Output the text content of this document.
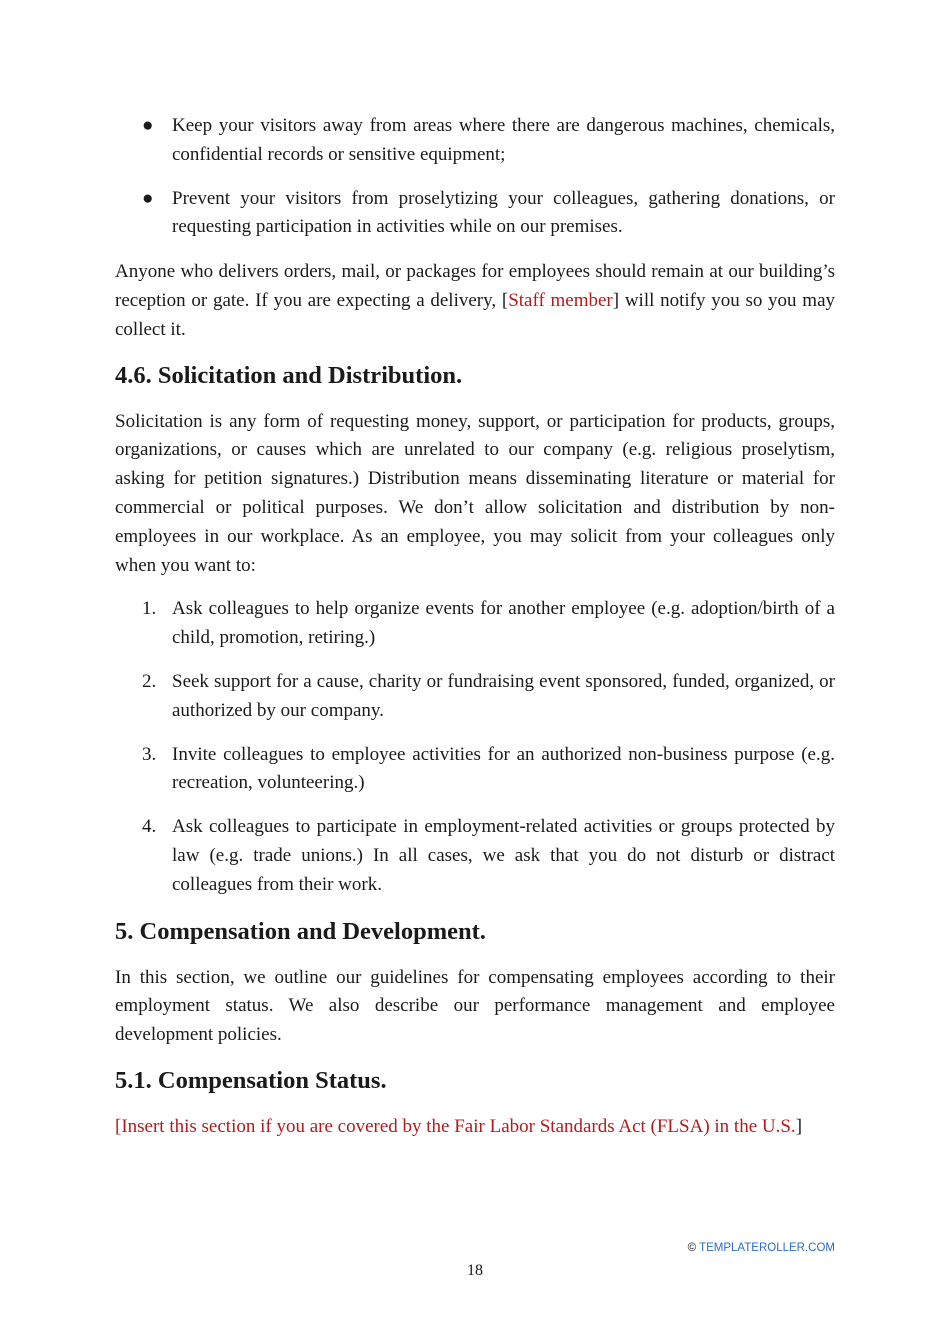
● Keep your visitors away from areas where there are dangerous machines, chemicals, confidential records or sensitive equipment;
● Prevent your visitors from proselytizing your colleagues, gathering donations, or requesting participation in activities while on our premises.

Anyone who delivers orders, mail, or packages for employees should remain at our building’s reception or gate. If you are expecting a delivery, [Staff member] will notify you so you may collect it.

4.6. Solicitation and Distribution.

Solicitation is any form of requesting money, support, or participation for products, groups, organizations, or causes which are unrelated to our company (e.g. religious proselytism, asking for petition signatures.) Distribution means disseminating literature or material for commercial or political purposes. We don’t allow solicitation and distribution by non-employees in our workplace. As an employee, you may solicit from your colleagues only when you want to:

1. Ask colleagues to help organize events for another employee (e.g. adoption/birth of a child, promotion, retiring.)
2. Seek support for a cause, charity or fundraising event sponsored, funded, organized, or authorized by our company.
3. Invite colleagues to employee activities for an authorized non-business purpose (e.g. recreation, volunteering.)
4. Ask colleagues to participate in employment-related activities or groups protected by law (e.g. trade unions.) In all cases, we ask that you do not disturb or distract colleagues from their work.
5. Compensation and Development.

In this section, we outline our guidelines for compensating employees according to their employment status. We also describe our performance management and employee development policies.

5.1. Compensation Status.

[Insert this section if you are covered by the Fair Labor Standards Act (FLSA) in the U.S.]

© TEMPLATEROLLER.COM
18
